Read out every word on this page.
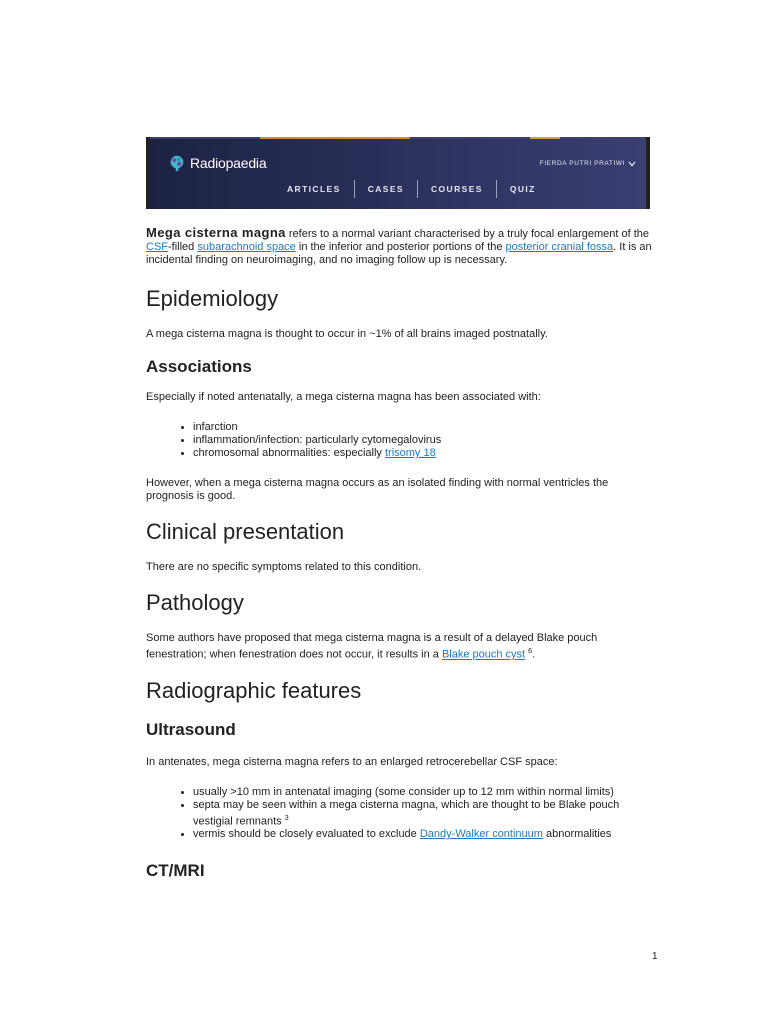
Radiopaedia	FIERDA PUTRI PRATIWI
ARTICLES	CASES	COURSES	QUIZ

Mega cisterna magna refers to a normal variant characterised by a truly focal enlargement of the CSF-filled subarachnoid space in the inferior and posterior portions of the posterior cranial fossa. It is an incidental finding on neuroimaging, and no imaging follow up is necessary.

Epidemiology

A mega cisterna magna is thought to occur in ~1% of all brains imaged postnatally.

Associations

Especially if noted antenatally, a mega cisterna magna has been associated with:

• infarction
• inflammation/infection: particularly cytomegalovirus
• chromosomal abnormalities: especially trisomy 18

However, when a mega cisterna magna occurs as an isolated finding with normal ventricles the prognosis is good.

Clinical presentation

There are no specific symptoms related to this condition.

Pathology

Some authors have proposed that mega cisterna magna is a result of a delayed Blake pouch fenestration; when fenestration does not occur, it results in a Blake pouch cyst $^6$.

Radiographic features
Ultrasound

In antenates, mega cisterna magna refers to an enlarged retrocerebellar CSF space:

• usually >10 mm in antenatal imaging (some consider up to 12 mm within normal limits)
• septa may be seen within a mega cisterna magna, which are thought to be Blake pouch vestigial remnants $^3$
• vermis should be closely evaluated to exclude Dandy-Walker continuum abnormalities
CT/MRI
1
